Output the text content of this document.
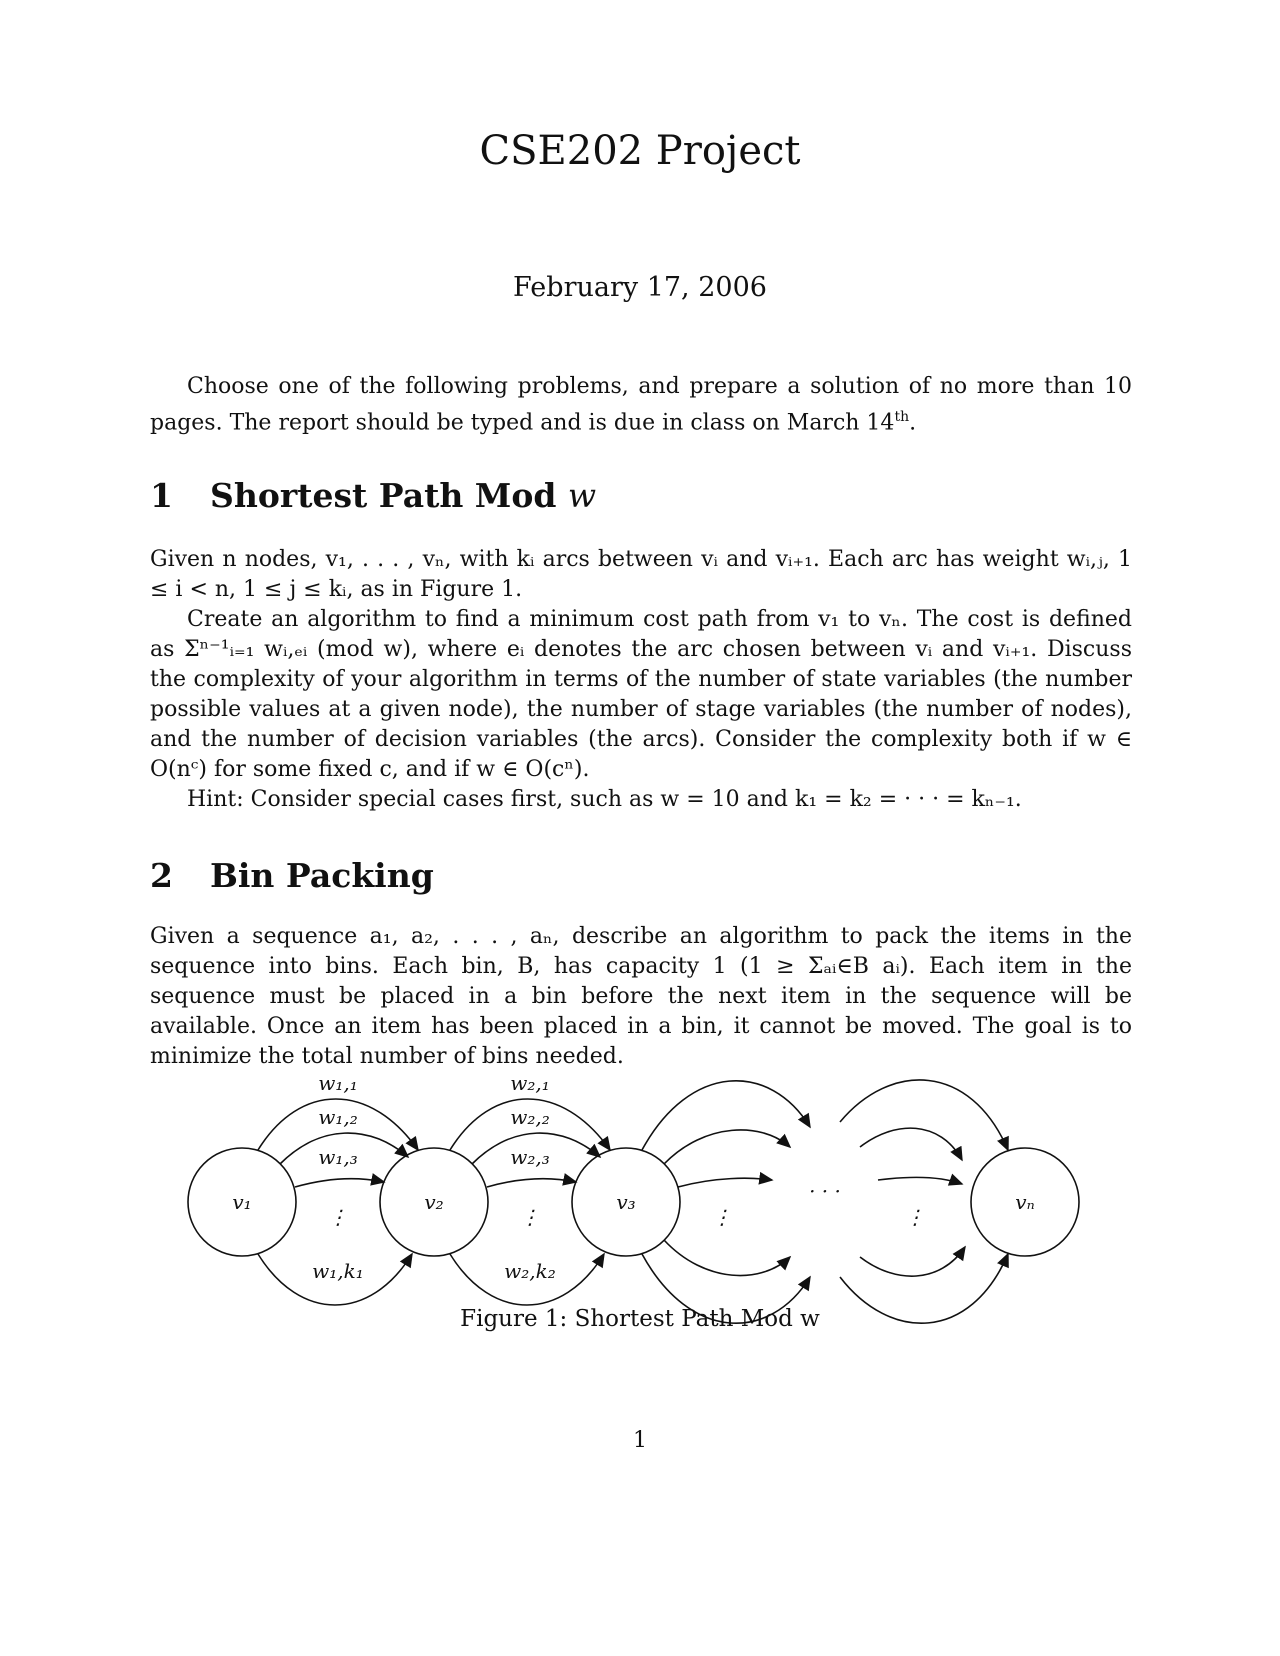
CSE202 Project
February 17, 2006
Choose one of the following problems, and prepare a solution of no more than 10 pages. The report should be typed and is due in class on March 14th.
1 Shortest Path Mod w
Given n nodes, v₁, . . . , vₙ, with kᵢ arcs between vᵢ and vᵢ₊₁. Each arc has weight wᵢ,ⱼ, 1 ≤ i < n, 1 ≤ j ≤ kᵢ, as in Figure 1.
Create an algorithm to find a minimum cost path from v₁ to vₙ. The cost is defined as Σⁿ⁻¹ᵢ₌₁ wᵢ,ₑᵢ (mod w), where eᵢ denotes the arc chosen between vᵢ and vᵢ₊₁. Discuss the complexity of your algorithm in terms of the number of state variables (the number possible values at a given node), the number of stage variables (the number of nodes), and the number of decision variables (the arcs). Consider the complexity both if w ∈ O(nᶜ) for some fixed c, and if w ∈ O(cⁿ).
Hint: Consider special cases first, such as w = 10 and k₁ = k₂ = · · · = kₙ₋₁.
2 Bin Packing
Given a sequence a₁, a₂, . . . , aₙ, describe an algorithm to pack the items in the sequence into bins. Each bin, B, has capacity 1 (1 ≥ Σₐᵢ∈B aᵢ). Each item in the sequence must be placed in a bin before the next item in the sequence will be available. Once an item has been placed in a bin, it cannot be moved. The goal is to minimize the total number of bins needed.
v₁	v₂	v₃	vₙ
w₁,₁
w₁,₂
w₁,₃
w₁,k₁
w₂,₁
w₂,₂
w₂,₃
w₂,k₂
⋮	⋮	⋮	⋮
· · ·
Figure 1: Shortest Path Mod w
1
